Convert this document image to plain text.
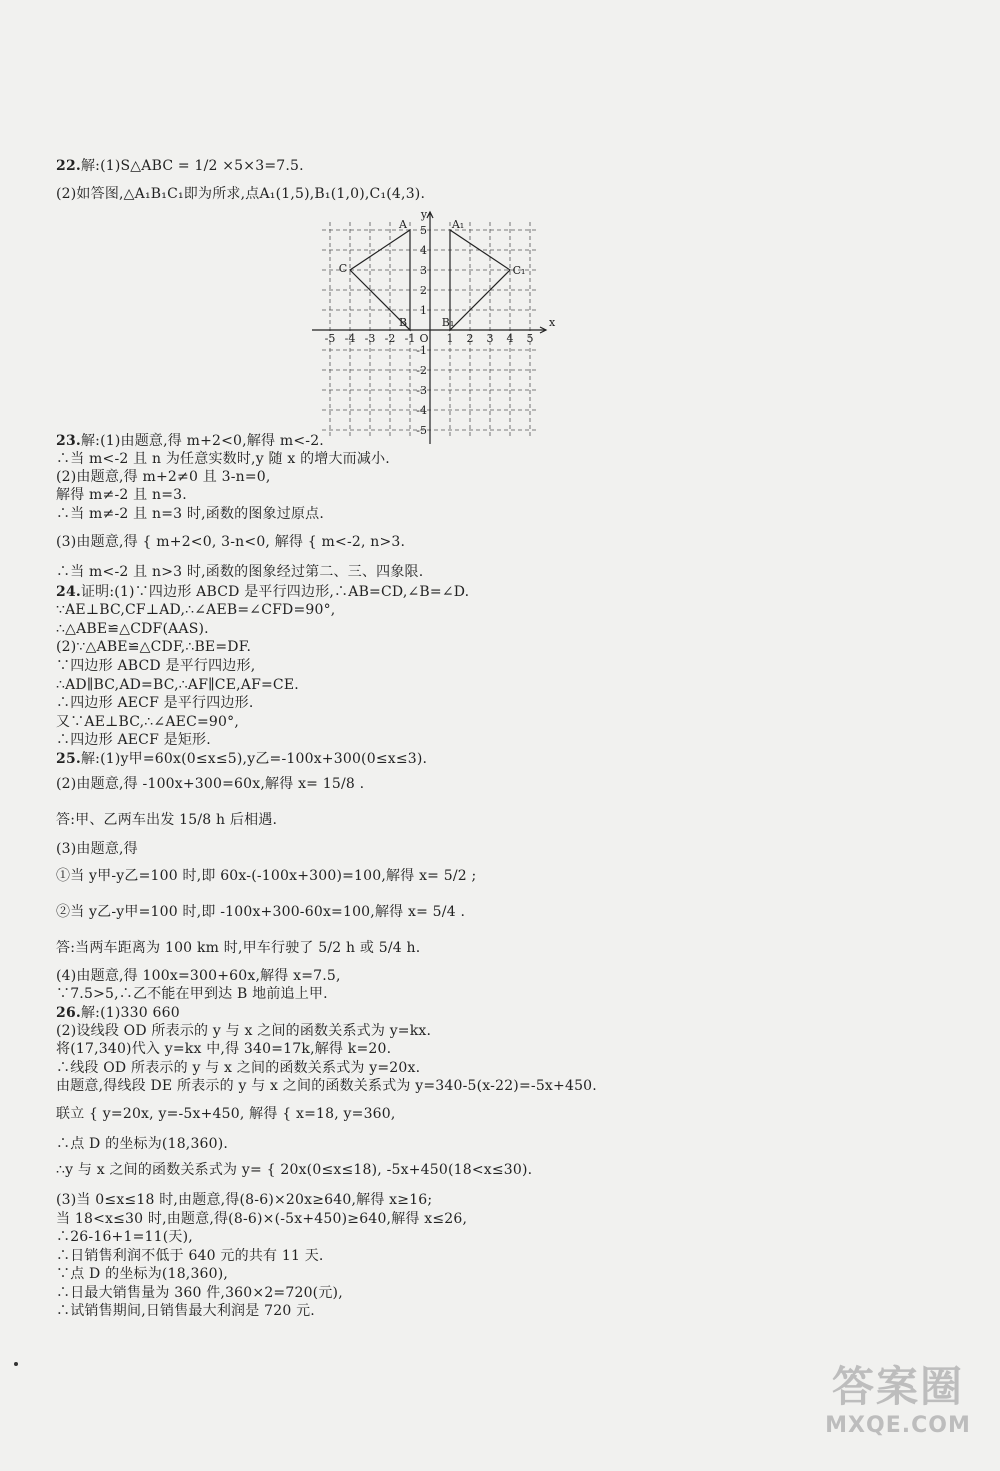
22.解:(1)S△ABC = 1/2 ×5×3=7.5.
(2)如答图,△A₁B₁C₁即为所求,点A₁(1,5),B₁(1,0),C₁(4,3).
-5 -4 -3 -2 -1	1 2 3 4 5
5
4
3
2
1
-1
-2
-3
-4
-5
O
x
y
A
B
C
A₁
B₁
C₁
23.解:(1)由题意,得 m+2<0,解得 m<-2.
∴当 m<-2 且 n 为任意实数时,y 随 x 的增大而减小.
(2)由题意,得 m+2≠0 且 3-n=0,
解得 m≠-2 且 n=3.
∴当 m≠-2 且 n=3 时,函数的图象过原点.
(3)由题意,得 { m+2<0, 3-n<0, 解得 { m<-2, n>3.
∴当 m<-2 且 n>3 时,函数的图象经过第二、三、四象限.
24.证明:(1)∵四边形 ABCD 是平行四边形,∴AB=CD,∠B=∠D.
∵AE⊥BC,CF⊥AD,∴∠AEB=∠CFD=90°,
∴△ABE≌△CDF(AAS).
(2)∵△ABE≌△CDF,∴BE=DF.
∵四边形 ABCD 是平行四边形,
∴AD∥BC,AD=BC,∴AF∥CE,AF=CE.
∴四边形 AECF 是平行四边形.
又∵AE⊥BC,∴∠AEC=90°,
∴四边形 AECF 是矩形.
25.解:(1)y甲=60x(0≤x≤5),y乙=-100x+300(0≤x≤3).
(2)由题意,得 -100x+300=60x,解得 x= 15/8 .
答:甲、乙两车出发 15/8 h 后相遇.
(3)由题意,得
①当 y甲-y乙=100 时,即 60x-(-100x+300)=100,解得 x= 5/2 ;
②当 y乙-y甲=100 时,即 -100x+300-60x=100,解得 x= 5/4 .
答:当两车距离为 100 km 时,甲车行驶了 5/2 h 或 5/4 h.
(4)由题意,得 100x=300+60x,解得 x=7.5,
∵7.5>5,∴乙不能在甲到达 B 地前追上甲.
26.解:(1)330 660
(2)设线段 OD 所表示的 y 与 x 之间的函数关系式为 y=kx.
将(17,340)代入 y=kx 中,得 340=17k,解得 k=20.
∴线段 OD 所表示的 y 与 x 之间的函数关系式为 y=20x.
由题意,得线段 DE 所表示的 y 与 x 之间的函数关系式为 y=340-5(x-22)=-5x+450.
联立 { y=20x, y=-5x+450, 解得 { x=18, y=360,
∴点 D 的坐标为(18,360).
∴y 与 x 之间的函数关系式为 y= { 20x(0≤x≤18), -5x+450(18<x≤30).
(3)当 0≤x≤18 时,由题意,得(8-6)×20x≥640,解得 x≥16;
当 18<x≤30 时,由题意,得(8-6)×(-5x+450)≥640,解得 x≤26,
∴26-16+1=11(天),
∴日销售利润不低于 640 元的共有 11 天.
∵点 D 的坐标为(18,360),
∴日最大销售量为 360 件,360×2=720(元),
∴试销售期间,日销售最大利润是 720 元.
答案圈
MXQE.COM
